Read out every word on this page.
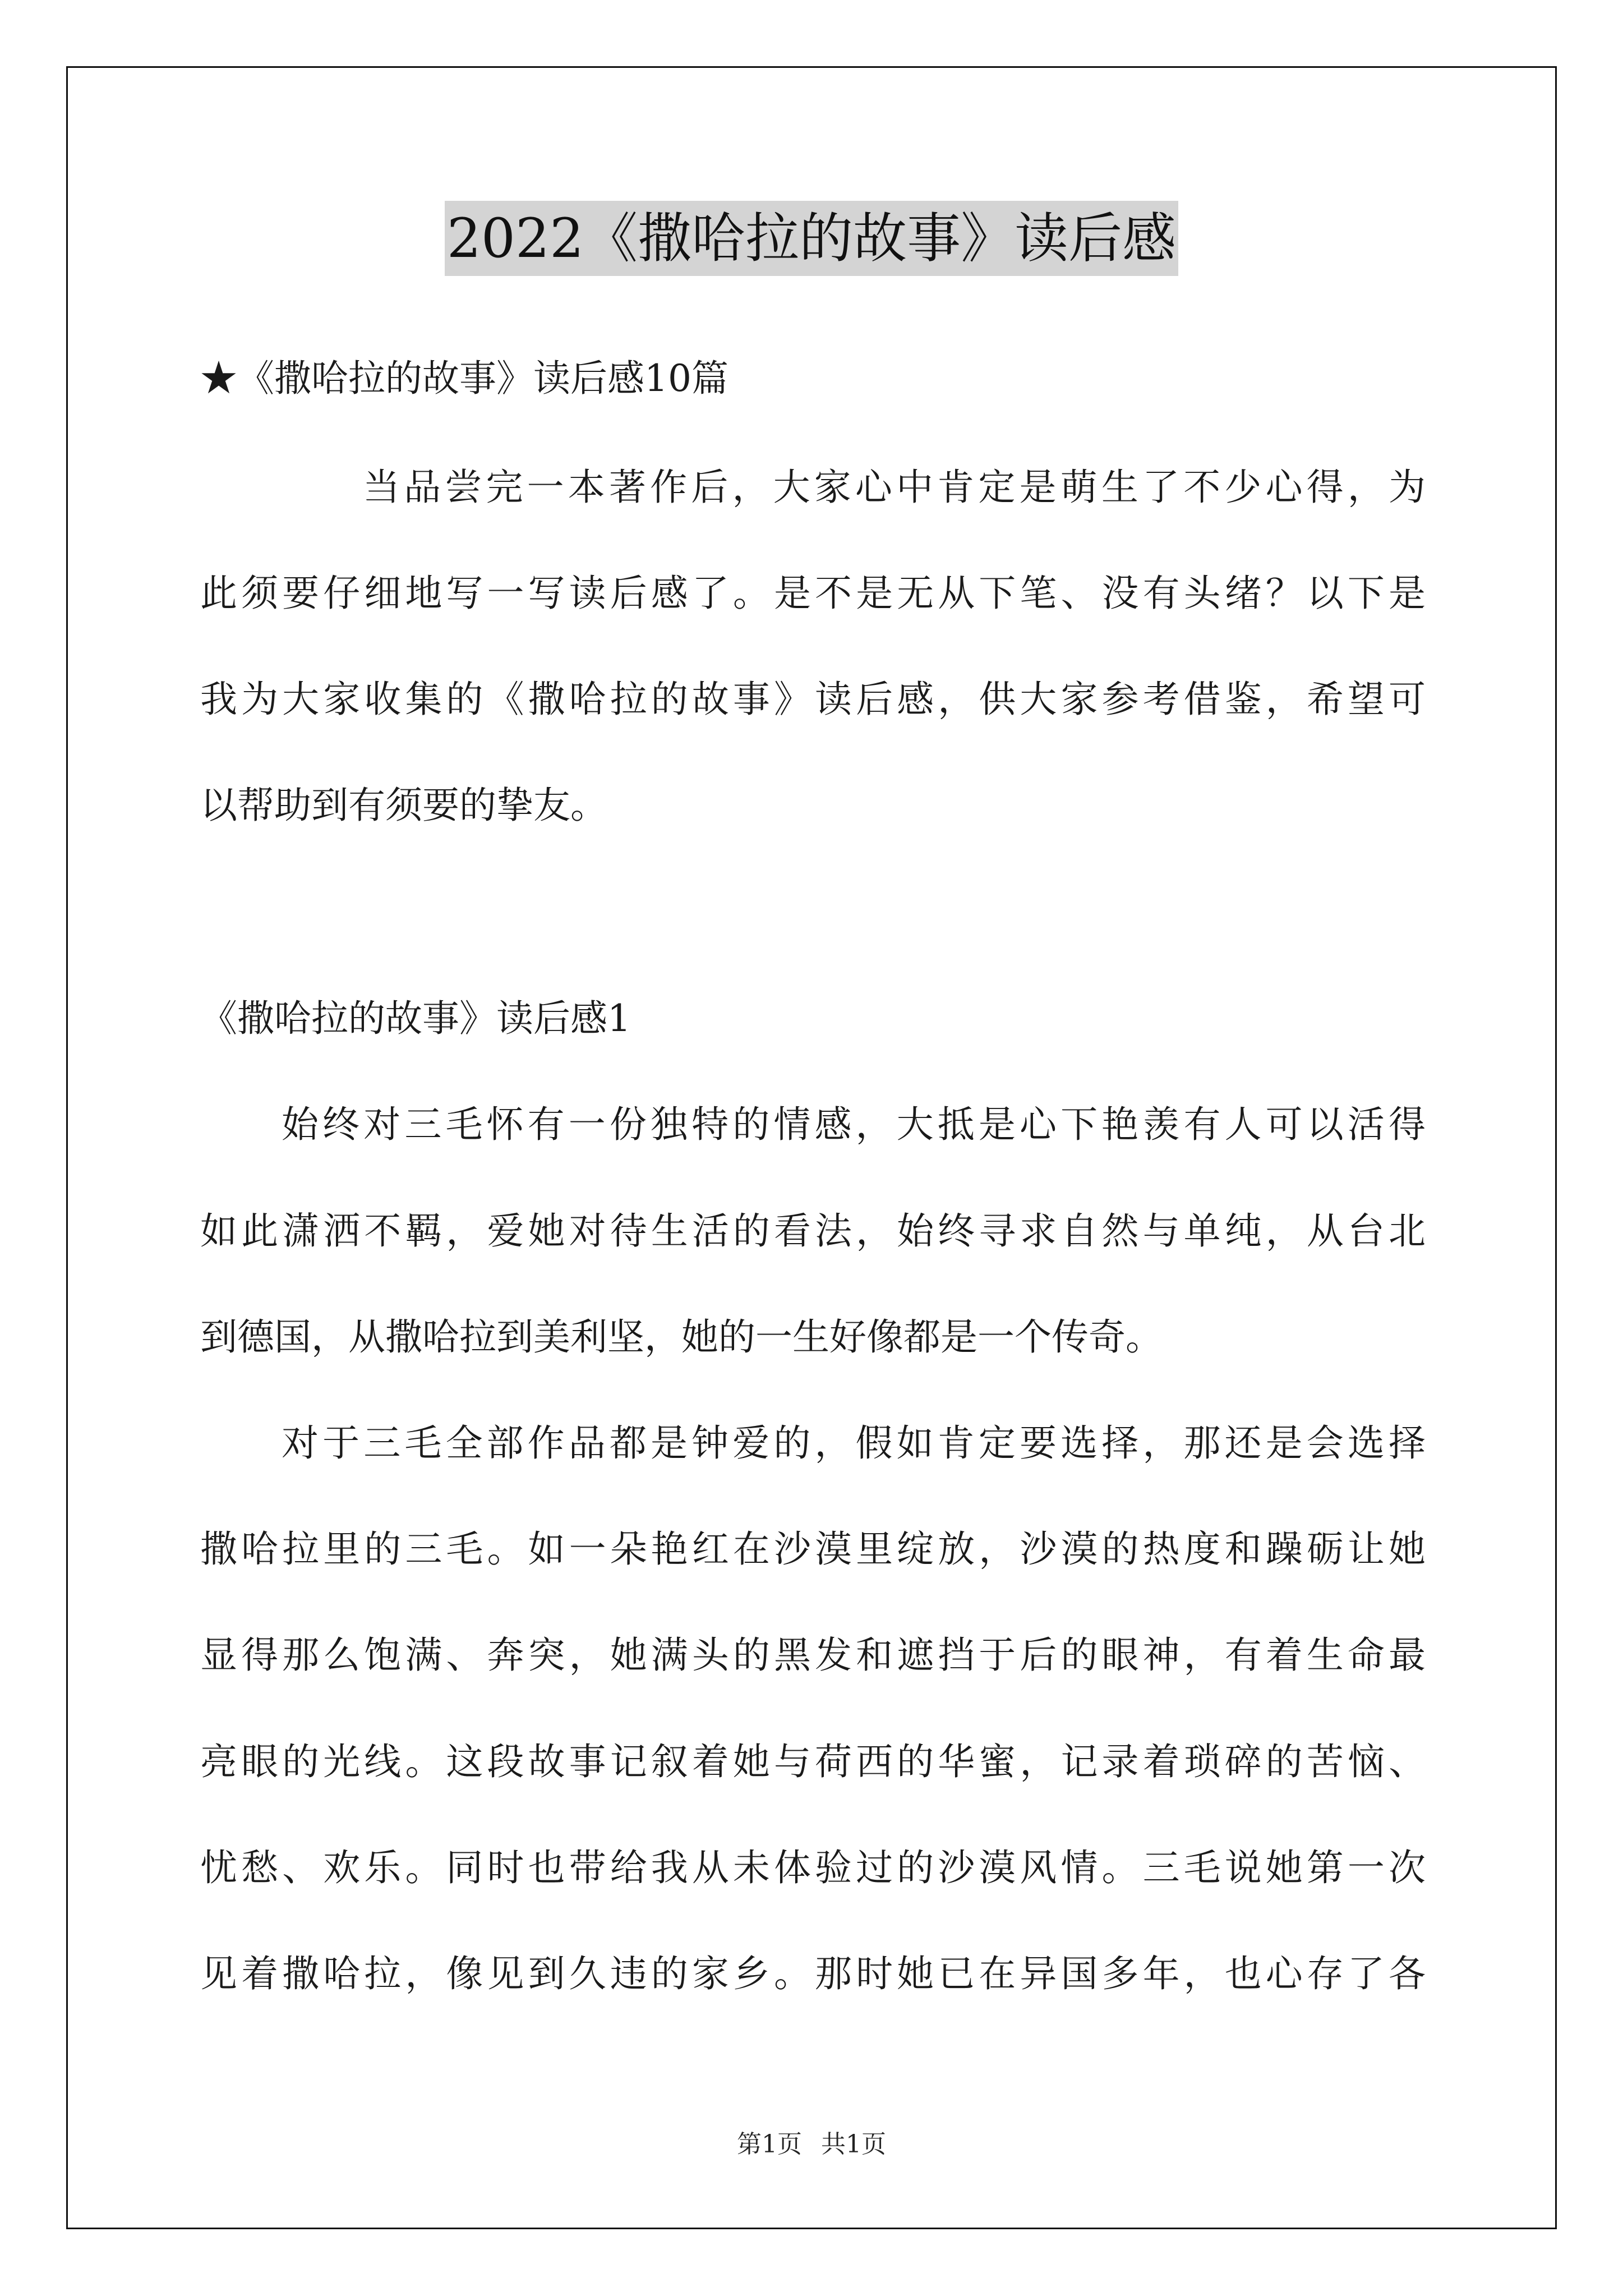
2022《撒哈拉的故事》读后感
★《撒哈拉的故事》读后感10篇
当品尝完一本著作后，大家心中肯定是萌生了不少心得，为
此须要仔细地写一写读后感了。是不是无从下笔、没有头绪？以下是
我为大家收集的《撒哈拉的故事》读后感，供大家参考借鉴，希望可
以帮助到有须要的挚友。
《撒哈拉的故事》读后感1
始终对三毛怀有一份独特的情感，大抵是心下艳羡有人可以活得
如此潇洒不羁，爱她对待生活的看法，始终寻求自然与单纯，从台北
到德国，从撒哈拉到美利坚，她的一生好像都是一个传奇。
对于三毛全部作品都是钟爱的，假如肯定要选择，那还是会选择
撒哈拉里的三毛。如一朵艳红在沙漠里绽放，沙漠的热度和躁砺让她
显得那么饱满、奔突，她满头的黑发和遮挡于后的眼神，有着生命最
亮眼的光线。这段故事记叙着她与荷西的华蜜，记录着琐碎的苦恼、
忧愁、欢乐。同时也带给我从未体验过的沙漠风情。三毛说她第一次
见着撒哈拉，像见到久违的家乡。那时她已在异国多年，也心存了各
第1页 共1页
